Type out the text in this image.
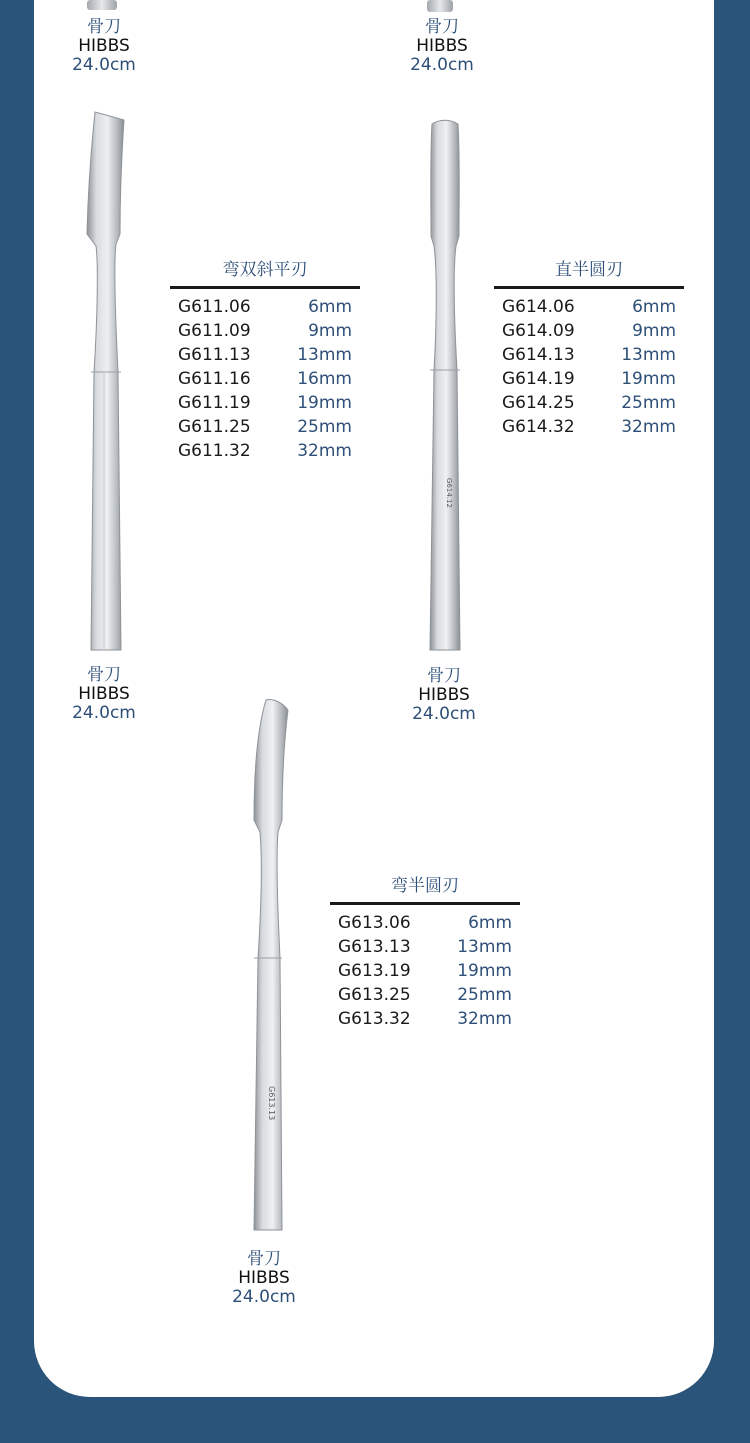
骨刀
HIBBS
24.0cm
骨刀
HIBBS
24.0cm
骨刀
HIBBS
24.0cm
弯双斜平刃
G611.06	6mm
G611.09	9mm
G611.13	13mm
G611.16	16mm
G611.19	19mm
G611.25	25mm
G611.32	32mm
G614.12
骨刀
HIBBS
24.0cm
直半圆刃
G614.06	6mm
G614.09	9mm
G614.13	13mm
G614.19	19mm
G614.25	25mm
G614.32	32mm
G613.13
骨刀
HIBBS
24.0cm
弯半圆刃
G613.06	6mm
G613.13	13mm
G613.19	19mm
G613.25	25mm
G613.32	32mm
